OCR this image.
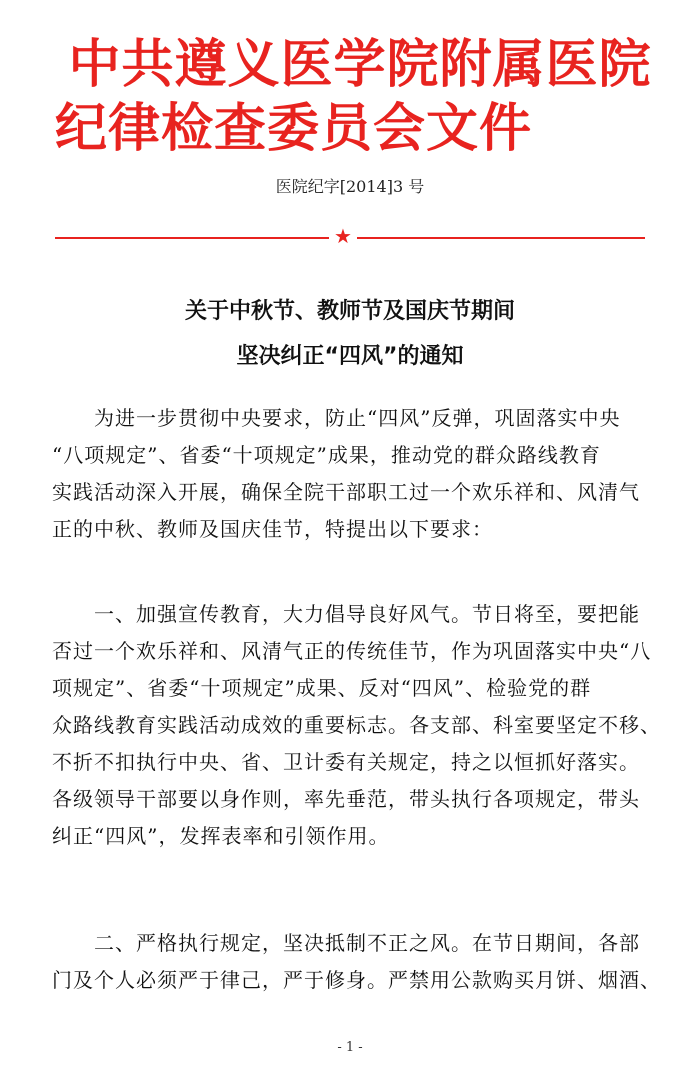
中共遵义医学院附属医院
纪律检查委员会文件
医院纪字[2014]3 号
★
关于中秋节、教师节及国庆节期间
坚决纠正“四风”的通知
　　为进一步贯彻中央要求，防止“四风”反弹，巩固落实中央
“八项规定”、省委“十项规定”成果，推动党的群众路线教育
实践活动深入开展，确保全院干部职工过一个欢乐祥和、风清气
正的中秋、教师及国庆佳节，特提出以下要求：
　　一、加强宣传教育，大力倡导良好风气。节日将至，要把能
否过一个欢乐祥和、风清气正的传统佳节，作为巩固落实中央“八
项规定”、省委“十项规定”成果、反对“四风”、检验党的群
众路线教育实践活动成效的重要标志。各支部、科室要坚定不移、
不折不扣执行中央、省、卫计委有关规定，持之以恒抓好落实。
各级领导干部要以身作则，率先垂范，带头执行各项规定，带头
纠正“四风”，发挥表率和引领作用。
　　二、严格执行规定，坚决抵制不正之风。在节日期间，各部
门及个人必须严于律己，严于修身。严禁用公款购买月饼、烟酒、
- 1 -
